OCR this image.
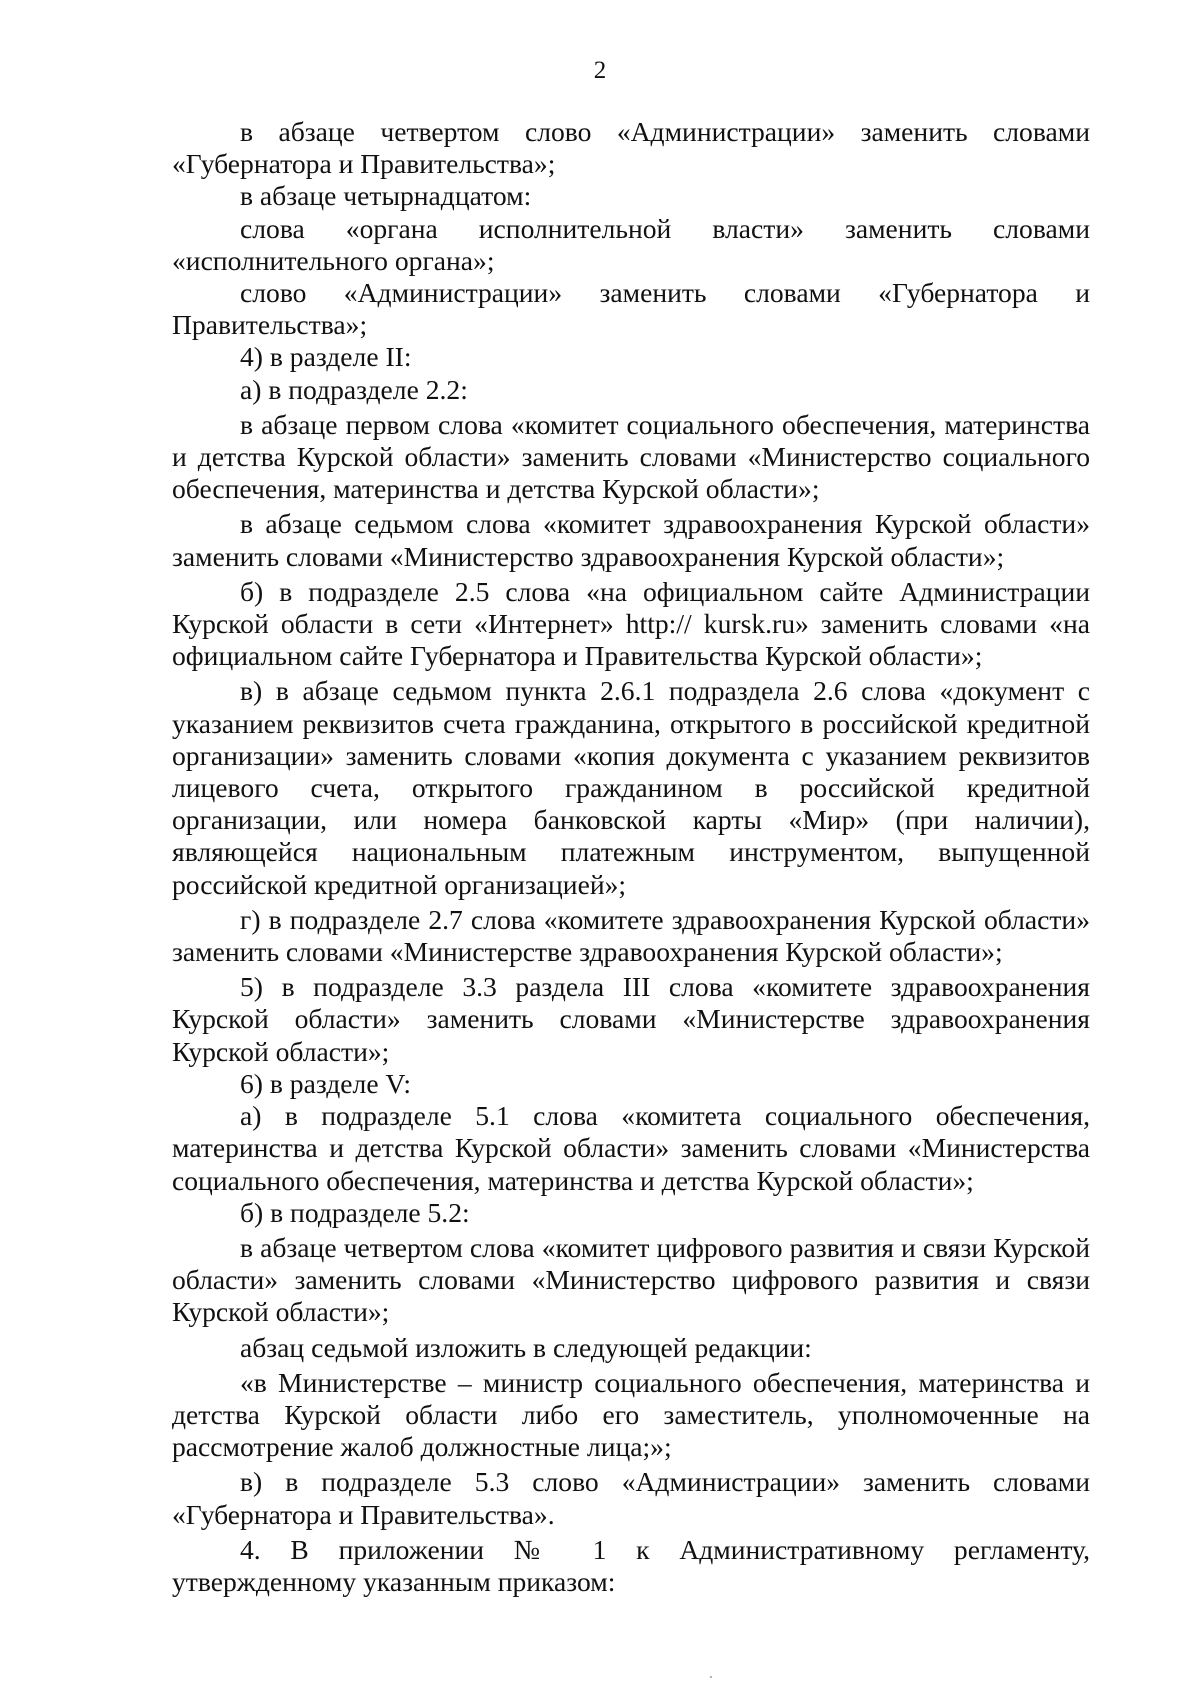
2

в абзаце четвертом слово «Администрации» заменить словами «Губернатора и Правительства»;

в абзаце четырнадцатом:

слова «органа исполнительной власти» заменить словами «исполнительного органа»;

слово «Администрации» заменить словами «Губернатора и Правительства»;

4) в разделе II:

а) в подразделе 2.2:

в абзаце первом слова «комитет социального обеспечения, материнства и детства Курской области» заменить словами «Министерство социального обеспечения, материнства и детства Курской области»;

в абзаце седьмом слова «комитет здравоохранения Курской области» заменить словами «Министерство здравоохранения Курской области»;

б) в подразделе 2.5 слова «на официальном сайте Администрации Курской области в сети «Интернет» http:// kursk.ru» заменить словами «на официальном сайте Губернатора и Правительства Курской области»;

в) в абзаце седьмом пункта 2.6.1 подраздела 2.6 слова «документ с указанием реквизитов счета гражданина, открытого в российской кредитной организации» заменить словами «копия документа с указанием реквизитов лицевого счета, открытого гражданином в российской кредитной организации, или номера банковской карты «Мир» (при наличии), являющейся национальным платежным инструментом, выпущенной российской кредитной организацией»;

г) в подразделе 2.7 слова «комитете здравоохранения Курской области» заменить словами «Министерстве здравоохранения Курской области»;

5) в подразделе 3.3 раздела III слова «комитете здравоохранения Курской области» заменить словами «Министерстве здравоохранения Курской области»;

6) в разделе V:

а) в подразделе 5.1 слова «комитета социального обеспечения, материнства и детства Курской области» заменить словами «Министерства социального обеспечения, материнства и детства Курской области»;

б) в подразделе 5.2:

в абзаце четвертом слова «комитет цифрового развития и связи Курской области» заменить словами «Министерство цифрового развития и связи Курской области»;

абзац седьмой изложить в следующей редакции:

«в Министерстве – министр социального обеспечения, материнства и детства Курской области либо его заместитель, уполномоченные на рассмотрение жалоб должностные лица;»;

в) в подразделе 5.3 слово «Администрации» заменить словами «Губернатора и Правительства».

4. В приложении № 1 к Административному регламенту, утвержденному указанным приказом:
